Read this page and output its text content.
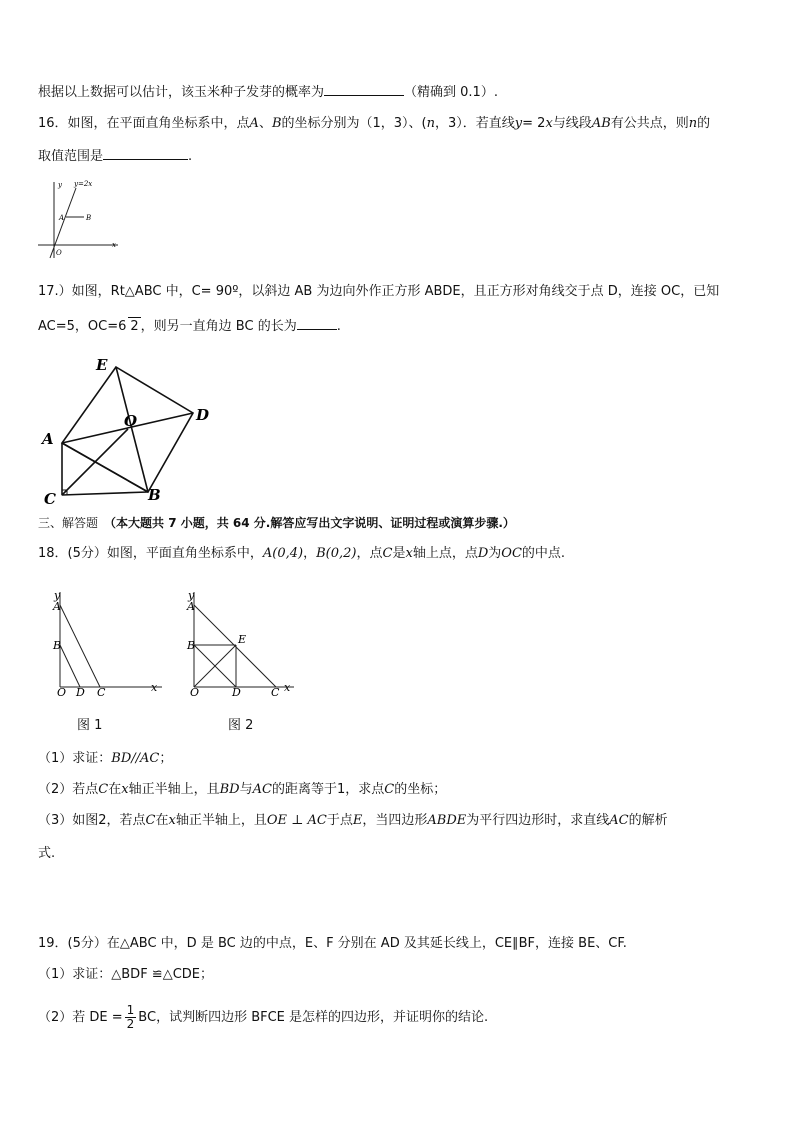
根据以上数据可以估计，该玉米种子发芽的概率为	（精确到 0.1）.
16．如图，在平面直角坐标系中，点A、B的坐标分别为（1，3）、(n，3）．若直线y= 2x与线段AB有公共点，则n的
取值范围是	.
y y=2x
A	B
O
x
17.）如图，Rt△ABC 中，C= 90º，以斜边 AB 为边向外作正方形 ABDE，且正方形对角线交于点 D，连接 OC，已知
AC=5，OC=6 2 ，则另一直角边 BC 的长为	.
E
O	D
A
C	B
三、解答题 （本大题共 7 小题，共 64 分.解答应写出文字说明、证明过程或演算步骤.）
18．(5分）如图，平面直角坐标系中，A(0,4)，B(0,2)，点C是x轴上点，点D为OC的中点.
y
A
B
O D C	x
图 1
y
A
B	E
O	D	C x
图 2
（1）求证：BD//AC；
（2）若点C在x轴正半轴上，且BD与AC的距离等于1，求点C的坐标；
（3）如图2，若点C在x轴正半轴上，且OE ⊥ AC于点E，当四边形ABDE为平行四边形时，求直线AC的解析
式.
19．(5分）在△ABC 中，D 是 BC 边的中点，E、F 分别在 AD 及其延长线上，CE∥BF，连接 BE、CF.
（1）求证：△BDF ≌△CDE；
（2）若 DE = $\frac{1}{2}$ BC，试判断四边形 BFCE 是怎样的四边形，并证明你的结论.
